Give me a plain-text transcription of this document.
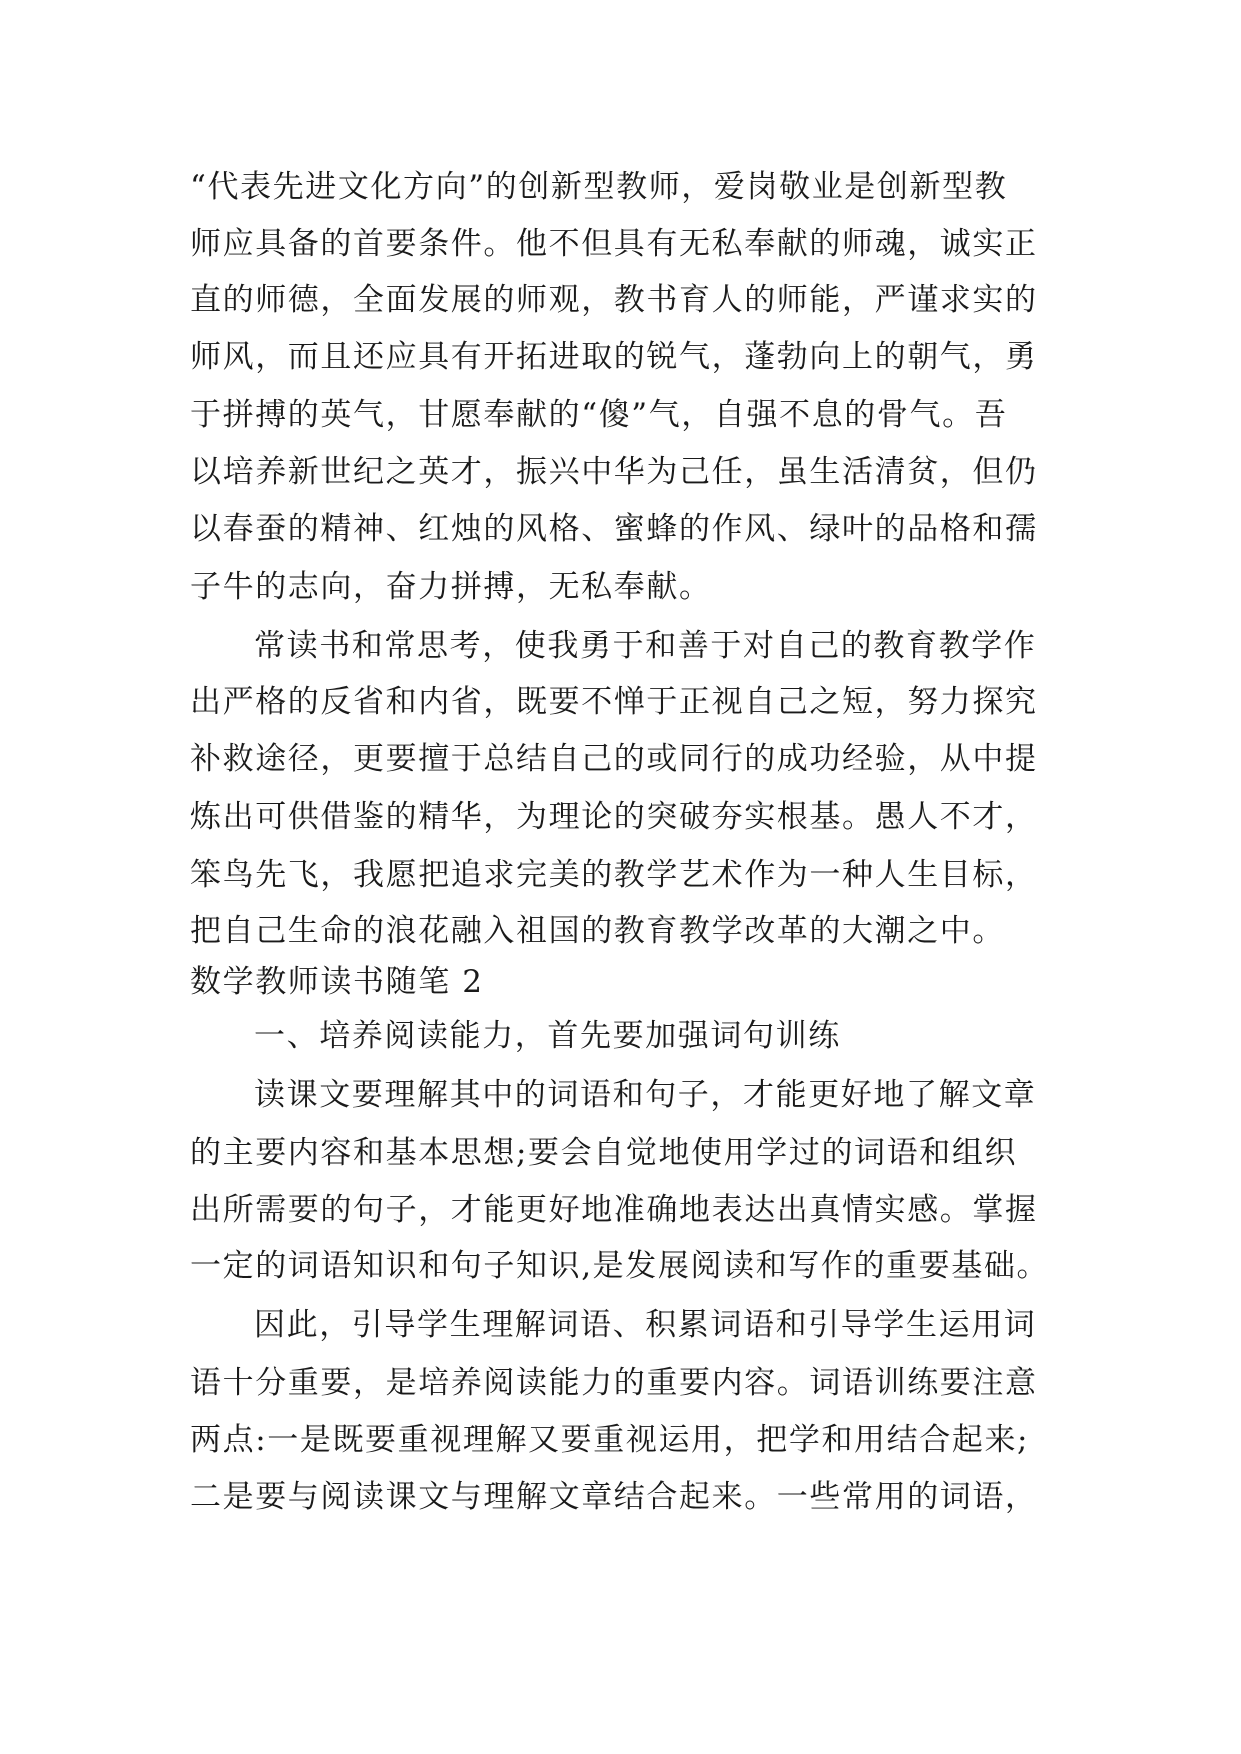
“代表先进文化方向”的创新型教师，爱岗敬业是创新型教
师应具备的首要条件。他不但具有无私奉献的师魂，诚实正
直的师德，全面发展的师观，教书育人的师能，严谨求实的
师风，而且还应具有开拓进取的锐气，蓬勃向上的朝气，勇
于拼搏的英气，甘愿奉献的“傻”气，自强不息的骨气。吾
以培养新世纪之英才，振兴中华为己任，虽生活清贫，但仍
以春蚕的精神、红烛的风格、蜜蜂的作风、绿叶的品格和孺
子牛的志向，奋力拼搏，无私奉献。
常读书和常思考，使我勇于和善于对自己的教育教学作
出严格的反省和内省，既要不惮于正视自己之短，努力探究
补救途径，更要擅于总结自己的或同行的成功经验，从中提
炼出可供借鉴的精华，为理论的突破夯实根基。愚人不才，
笨鸟先飞，我愿把追求完美的教学艺术作为一种人生目标，
把自己生命的浪花融入祖国的教育教学改革的大潮之中。
数学教师读书随笔 2
一、培养阅读能力，首先要加强词句训练
读课文要理解其中的词语和句子，才能更好地了解文章
的主要内容和基本思想;要会自觉地使用学过的词语和组织
出所需要的句子，才能更好地准确地表达出真情实感。掌握
一定的词语知识和句子知识,是发展阅读和写作的重要基础。
因此，引导学生理解词语、积累词语和引导学生运用词
语十分重要，是培养阅读能力的重要内容。词语训练要注意
两点:一是既要重视理解又要重视运用，把学和用结合起来;
二是要与阅读课文与理解文章结合起来。一些常用的词语，
